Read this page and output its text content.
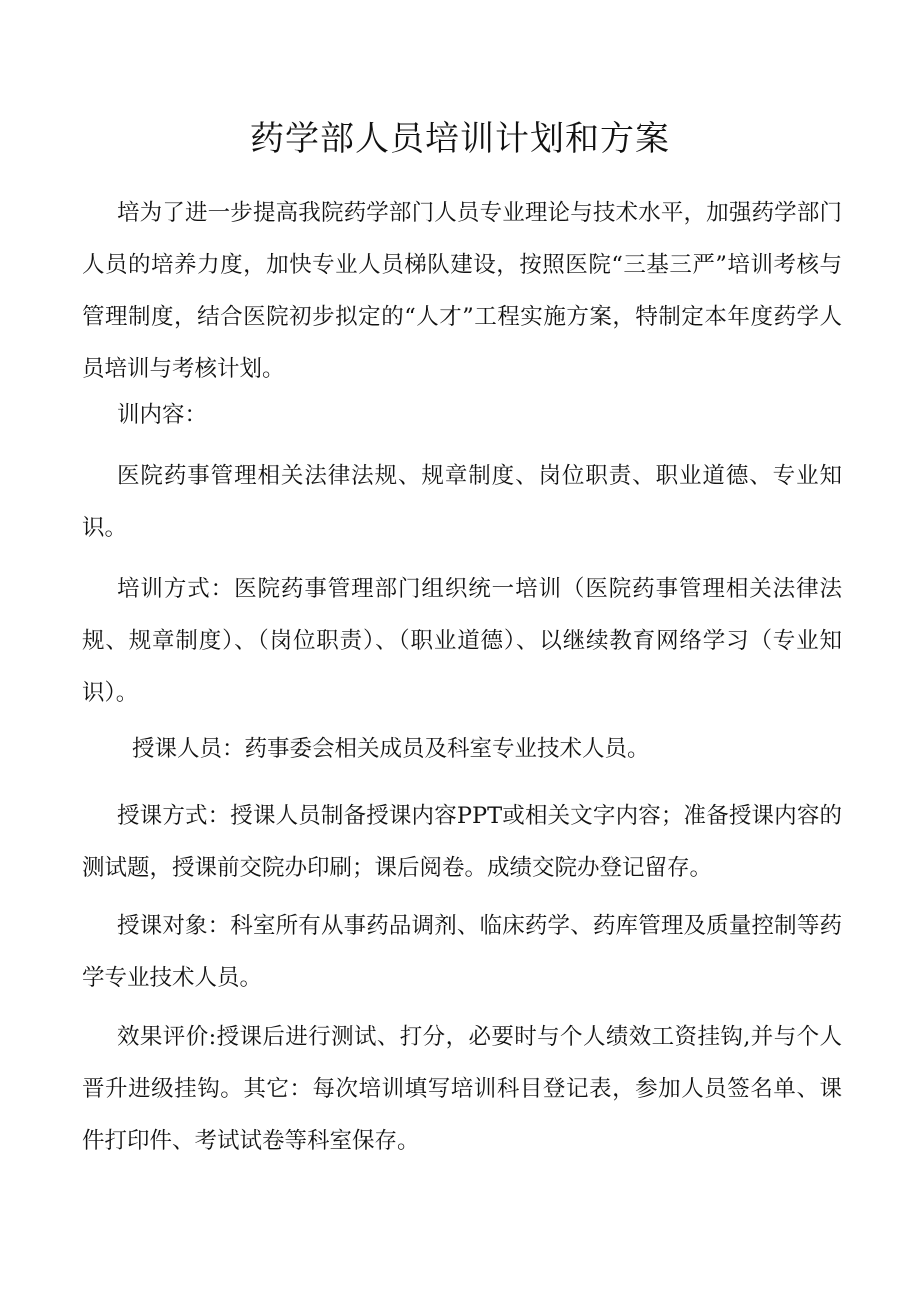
药学部人员培训计划和方案

培为了进一步提高我院药学部门人员专业理论与技术水平，加强药学部门人员的培养力度，加快专业人员梯队建设，按照医院“三基三严”培训考核与管理制度，结合医院初步拟定的“人才”工程实施方案，特制定本年度药学人员培训与考核计划。

训内容：

医院药事管理相关法律法规、规章制度、岗位职责、职业道德、专业知识。

培训方式：医院药事管理部门组织统一培训（医院药事管理相关法律法规、规章制度）、（岗位职责）、（职业道德）、以继续教育网络学习（专业知识）。

授课人员：药事委会相关成员及科室专业技术人员。

授课方式：授课人员制备授课内容PPT或相关文字内容；准备授课内容的测试题，授课前交院办印刷；课后阅卷。成绩交院办登记留存。

授课对象：科室所有从事药品调剂、临床药学、药库管理及质量控制等药学专业技术人员。

效果评价:授课后进行测试、打分，必要时与个人绩效工资挂钩,并与个人晋升进级挂钩。其它：每次培训填写培训科目登记表，参加人员签名单、课件打印件、考试试卷等科室保存。
